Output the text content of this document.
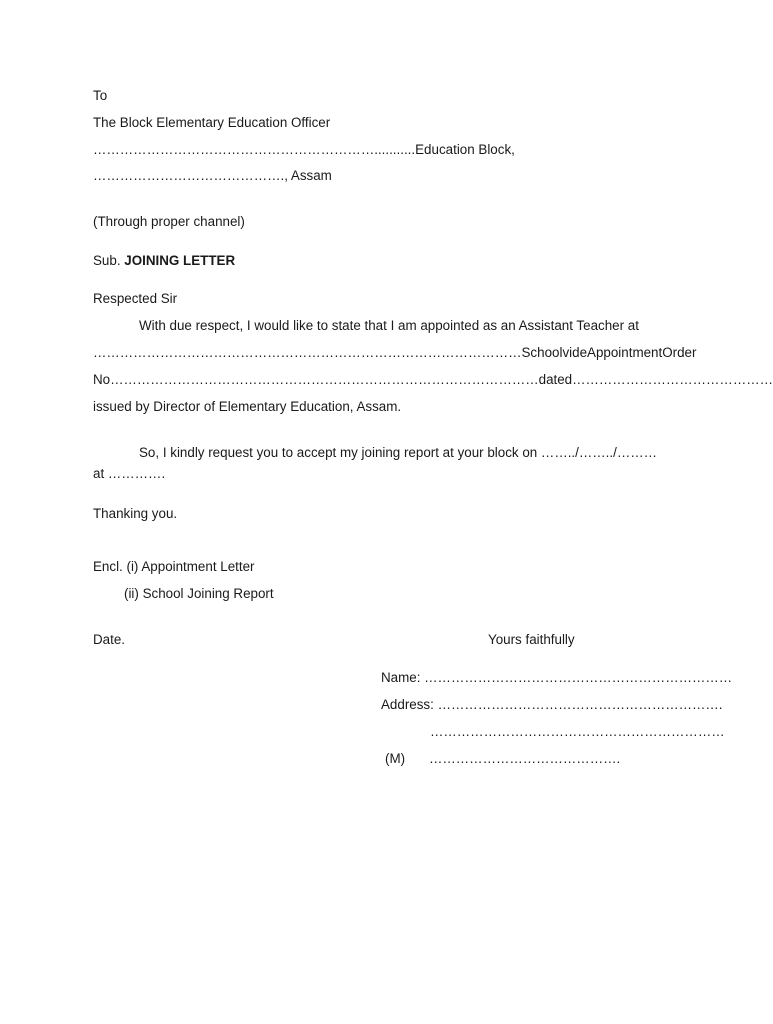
To
The Block Elementary Education Officer
………………………………………………………...........Education Block,
……………………………………., Assam
(Through proper channel)
Sub. JOINING LETTER
Respected Sir
With due respect, I would like to state that I am appointed as an Assistant Teacher at
…………………………………………………………………………………… School vide Appointment Order
No……………………………………………………………………………………dated………………………………………
issued by Director of Elementary Education, Assam.
So, I kindly request you to accept my joining report at your block on ……../……../………
at ………….
Thanking you.
Encl. (i) Appointment Letter
(ii) School Joining Report
Date.	Yours faithfully
Name: ……………………………………………………………
Address: ……………………………………………………….
…………………………………………………………
(M) …………………………………….
